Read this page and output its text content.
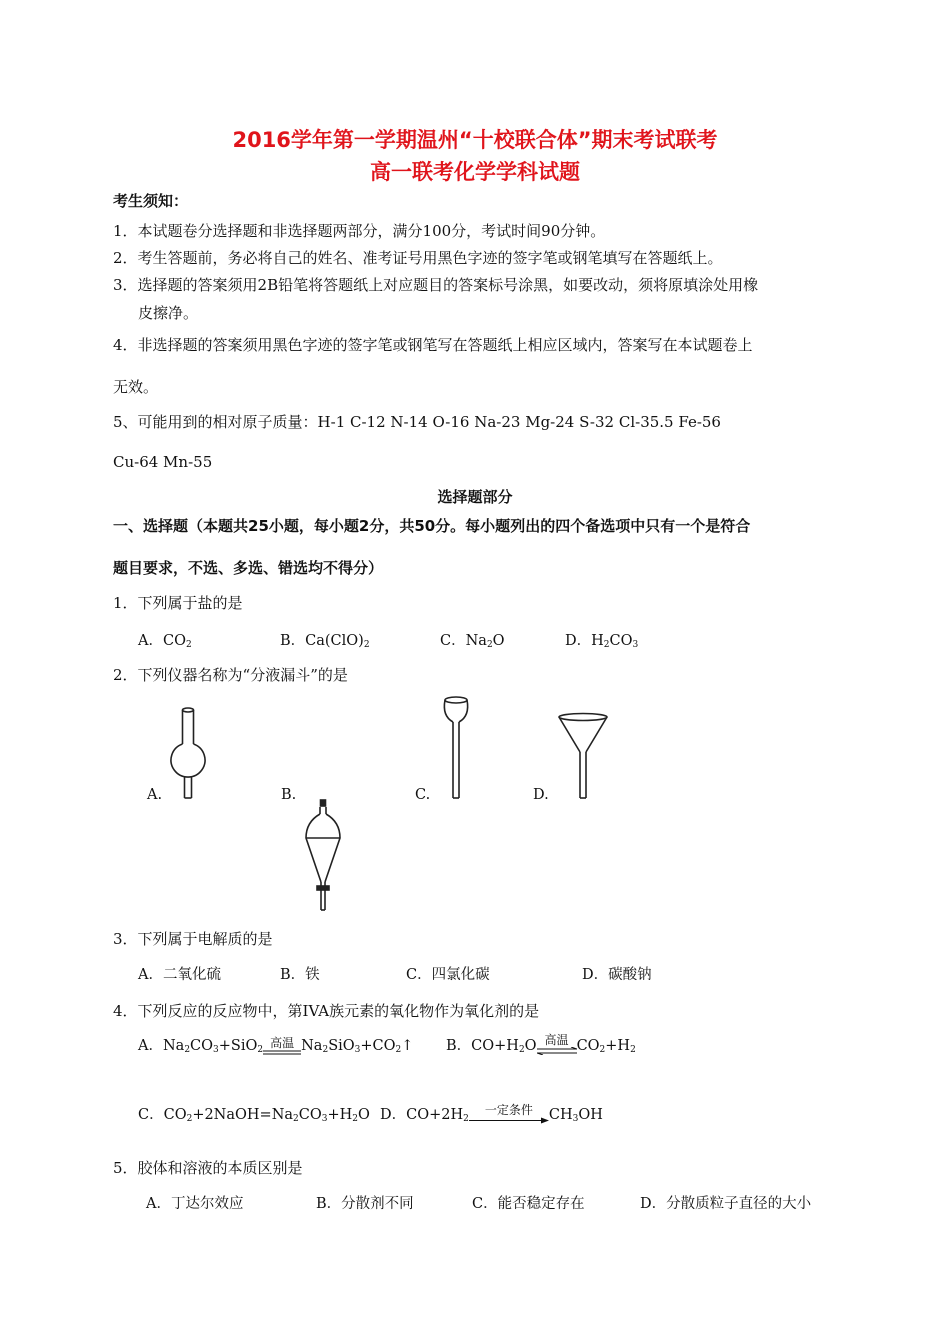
2016学年第一学期温州“十校联合体”期末考试联考
高一联考化学学科试题
考生须知：
1．本试题卷分选择题和非选择题两部分，满分100分，考试时间90分钟。
2．考生答题前，务必将自己的姓名、准考证号用黑色字迹的签字笔或钢笔填写在答题纸上。
3．选择题的答案须用2B铅笔将答题纸上对应题目的答案标号涂黑，如要改动，须将原填涂处用橡
皮擦净。
4．非选择题的答案须用黑色字迹的签字笔或钢笔写在答题纸上相应区域内，答案写在本试题卷上
无效。
5、可能用到的相对原子质量：H-1 C-12 N-14 O-16 Na-23 Mg-24 S-32 Cl-35.5 Fe-56
Cu-64 Mn-55
选择题部分
一、选择题（本题共25小题，每小题2分，共50分。每小题列出的四个备选项中只有一个是符合
题目要求，不选、多选、错选均不得分）
1．下列属于盐的是
A．$CO_2$	B．$Ca(ClO)_2$	C．$Na_2O$	D．$H_2CO_3$
2．下列仪器名称为“分液漏斗”的是
A.	B.	C.	D.
3．下列属于电解质的是
A．二氧化硫	B．铁	C．四氯化碳	D．碳酸钠
4．下列反应的反应物中，第IVA族元素的氧化物作为氧化剂的是
A．$Na_2CO_3+SiO_2$ 高温 $Na_2SiO_3+CO_2↑$ B．$CO+H_2O$ 高温 $CO_2+H_2$
C．$CO_2+2NaOH=Na_2CO_3+H_2O$ D．$CO+2H_2$
一定条件	$CH_3OH$
5．胶体和溶液的本质区别是
A．丁达尔效应	B．分散剂不同	C．能否稳定存在	D．分散质粒子直径的大小
